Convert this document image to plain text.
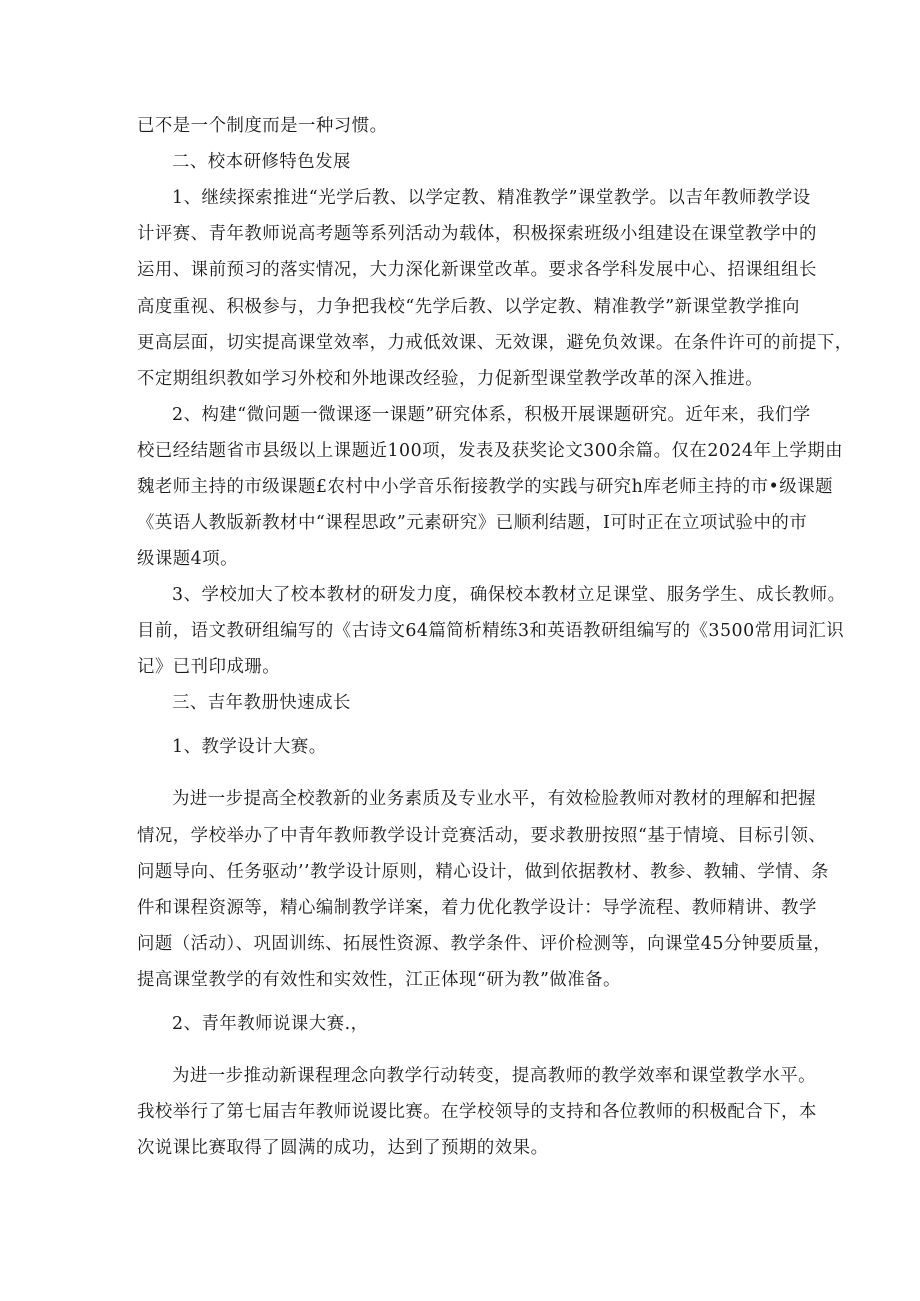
已不是一个制度而是一种习惯。
二、校本研修特色发展
1、继续探索推进“光学后教、以学定教、精准教学”课堂教学。以吉年教师教学设
计评赛、青年教师说高考题等系列活动为载体，积极探索班级小组建设在课堂教学中的
运用、课前预习的落实情况，大力深化新课堂改革。要求各学科发展中心、招课组组长
高度重视、积极参与，力争把我校“先学后教、以学定教、精准教学”新课堂教学推向
更高层面，切实提高课堂效率，力戒低效课、无效课，避免负效课。在条件许可的前提下，
不定期组织教如学习外校和外地课改经验，力促新型课堂教学改革的深入推进。
2、构建“微问题一微课逐一课题”研究体系，积极开展课题研究。近年来，我们学
校已经结题省市县级以上课题近100项，发表及获奖论文300余篇。仅在2024年上学期由
魏老师主持的市级课题£农村中小学音乐衔接教学的实践与研究h库老师主持的市•级课题
《英语人教版新教材中“课程思政”元素研究》已顺利结题，I可时正在立项试验中的市
级课题4项。
3、学校加大了校本教材的研发力度，确保校本教材立足课堂、服务学生、成长教师。
目前，语文教研组编写的《古诗文64篇简析精练3和英语教研组编写的《3500常用词汇识
记》已刊印成珊。
三、吉年教册快速成长
1、教学设计大赛。
为进一步提高全校教新的业务素质及专业水平，有效检脸教师对教材的理解和把握
情况，学校举办了中青年教师教学设计竞赛活动，要求教册按照“基于情境、目标引领、
问题导向、任务驱动’’教学设计原则，精心设计，做到依据教材、教参、教辅、学情、条
件和课程资源等，精心编制教学详案，着力优化教学设计：导学流程、教师精讲、教学
问题（活动）、巩固训练、拓展性资源、教学条件、评价检测等，向课堂45分钟要质量，
提高课堂教学的有效性和实效性，江正体现“研为教”做准备。
2、青年教师说课大赛.，
为进一步推动新课程理念向教学行动转变，提高教师的教学效率和课堂教学水平。
我校举行了第七届吉年教师说谡比赛。在学校领导的支持和各位教师的积极配合下，本
次说课比赛取得了圆满的成功，达到了预期的效果。
